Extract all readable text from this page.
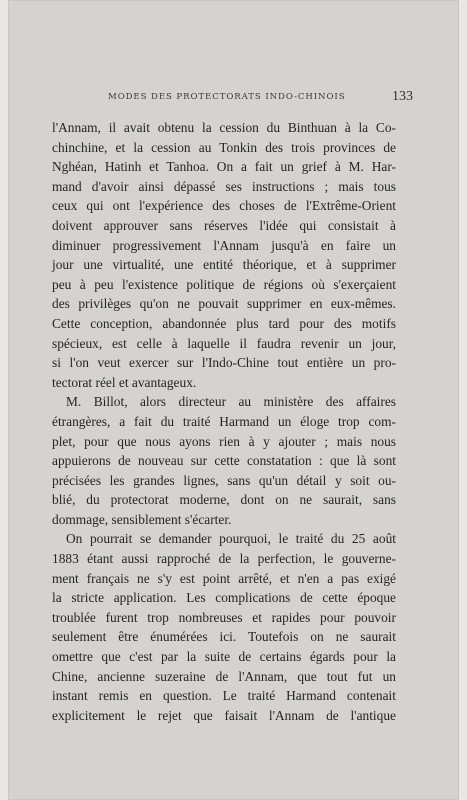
MODES DES PROTECTORATS INDO-CHINOIS	133
l'Annam, il avait obtenu la cession du Binthuan à la Co-
chinchine, et la cession au Tonkin des trois provinces de
Nghéan, Hatinh et Tanhoa. On a fait un grief à M. Har-
mand d'avoir ainsi dépassé ses instructions ; mais tous
ceux qui ont l'expérience des choses de l'Extrême-Orient
doivent approuver sans réserves l'idée qui consistait à
diminuer progressivement l'Annam jusqu'à en faire un
jour une virtualité, une entité théorique, et à supprimer
peu à peu l'existence politique de régions où s'exerçaient
des privilèges qu'on ne pouvait supprimer en eux-mêmes.
Cette conception, abandonnée plus tard pour des motifs
spécieux, est celle à laquelle il faudra revenir un jour,
si l'on veut exercer sur l'Indo-Chine tout entière un pro-
tectorat réel et avantageux.
M. Billot, alors directeur au ministère des affaires
étrangères, a fait du traité Harmand un éloge trop com-
plet, pour que nous ayons rien à y ajouter ; mais nous
appuierons de nouveau sur cette constatation : que là sont
précisées les grandes lignes, sans qu'un détail y soit ou-
blié, du protectorat moderne, dont on ne saurait, sans
dommage, sensiblement s'écarter.
On pourrait se demander pourquoi, le traité du 25 août
1883 étant aussi rapproché de la perfection, le gouverne-
ment français ne s'y est point arrêté, et n'en a pas exigé
la stricte application. Les complications de cette époque
troublée furent trop nombreuses et rapides pour pouvoir
seulement être énumérées ici. Toutefois on ne saurait
omettre que c'est par la suite de certains égards pour la
Chine, ancienne suzeraine de l'Annam, que tout fut un
instant remis en question. Le traité Harmand contenait
explicitement le rejet que faisait l'Annam de l'antique
